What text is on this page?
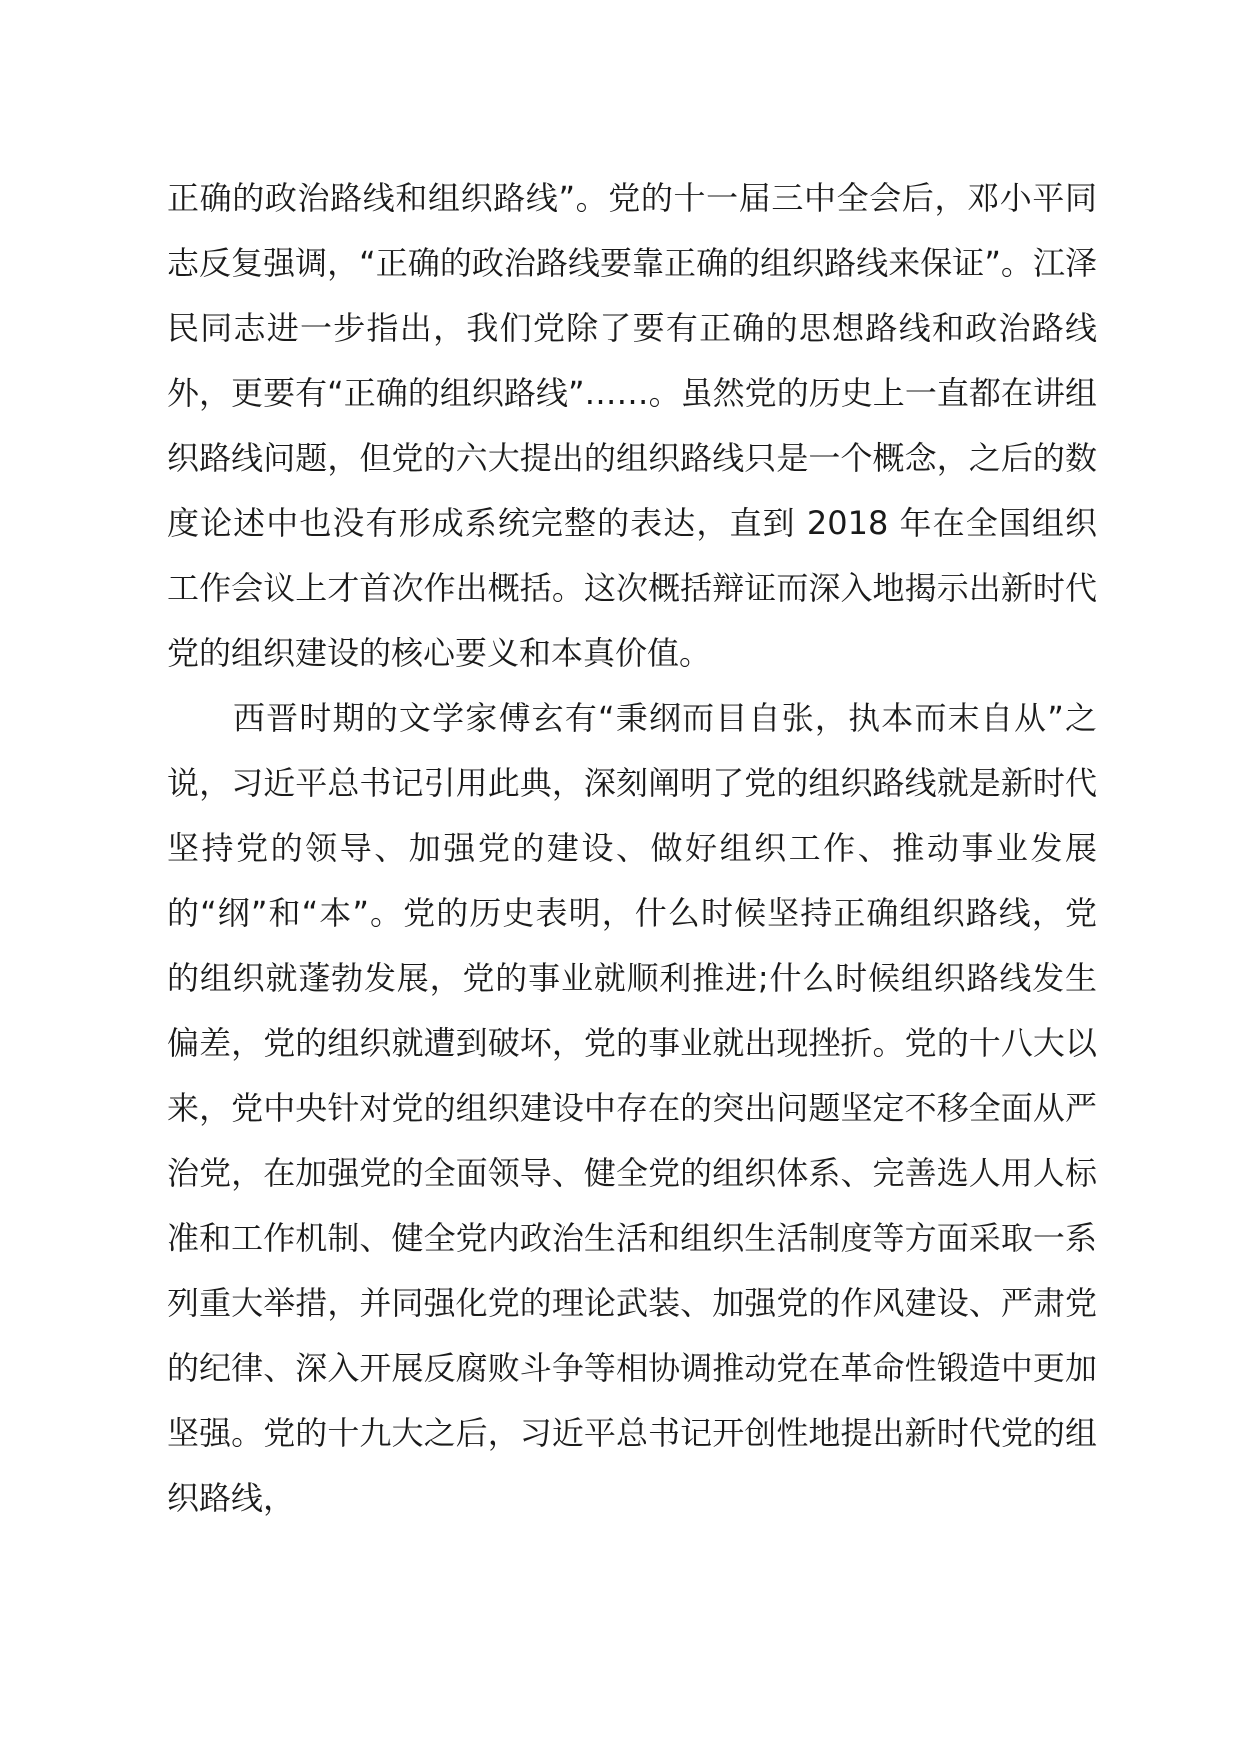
正确的政治路线和组织路线”。党的十一届三中全会后，邓小平同志反复强调，“正确的政治路线要靠正确的组织路线来保证”。江泽民同志进一步指出，我们党除了要有正确的思想路线和政治路线外，更要有“正确的组织路线”……。虽然党的历史上一直都在讲组织路线问题，但党的六大提出的组织路线只是一个概念，之后的数度论述中也没有形成系统完整的表达，直到 2018 年在全国组织工作会议上才首次作出概括。这次概括辩证而深入地揭示出新时代党的组织建设的核心要义和本真价值。

西晋时期的文学家傅玄有“秉纲而目自张，执本而末自从”之说，习近平总书记引用此典，深刻阐明了党的组织路线就是新时代坚持党的领导、加强党的建设、做好组织工作、推动事业发展的“纲”和“本”。党的历史表明，什么时候坚持正确组织路线，党的组织就蓬勃发展，党的事业就顺利推进;什么时候组织路线发生偏差，党的组织就遭到破坏，党的事业就出现挫折。党的十八大以来，党中央针对党的组织建设中存在的突出问题坚定不移全面从严治党，在加强党的全面领导、健全党的组织体系、完善选人用人标准和工作机制、健全党内政治生活和组织生活制度等方面采取一系列重大举措，并同强化党的理论武装、加强党的作风建设、严肃党的纪律、深入开展反腐败斗争等相协调推动党在革命性锻造中更加坚强。党的十九大之后，习近平总书记开创性地提出新时代党的组织路线，
